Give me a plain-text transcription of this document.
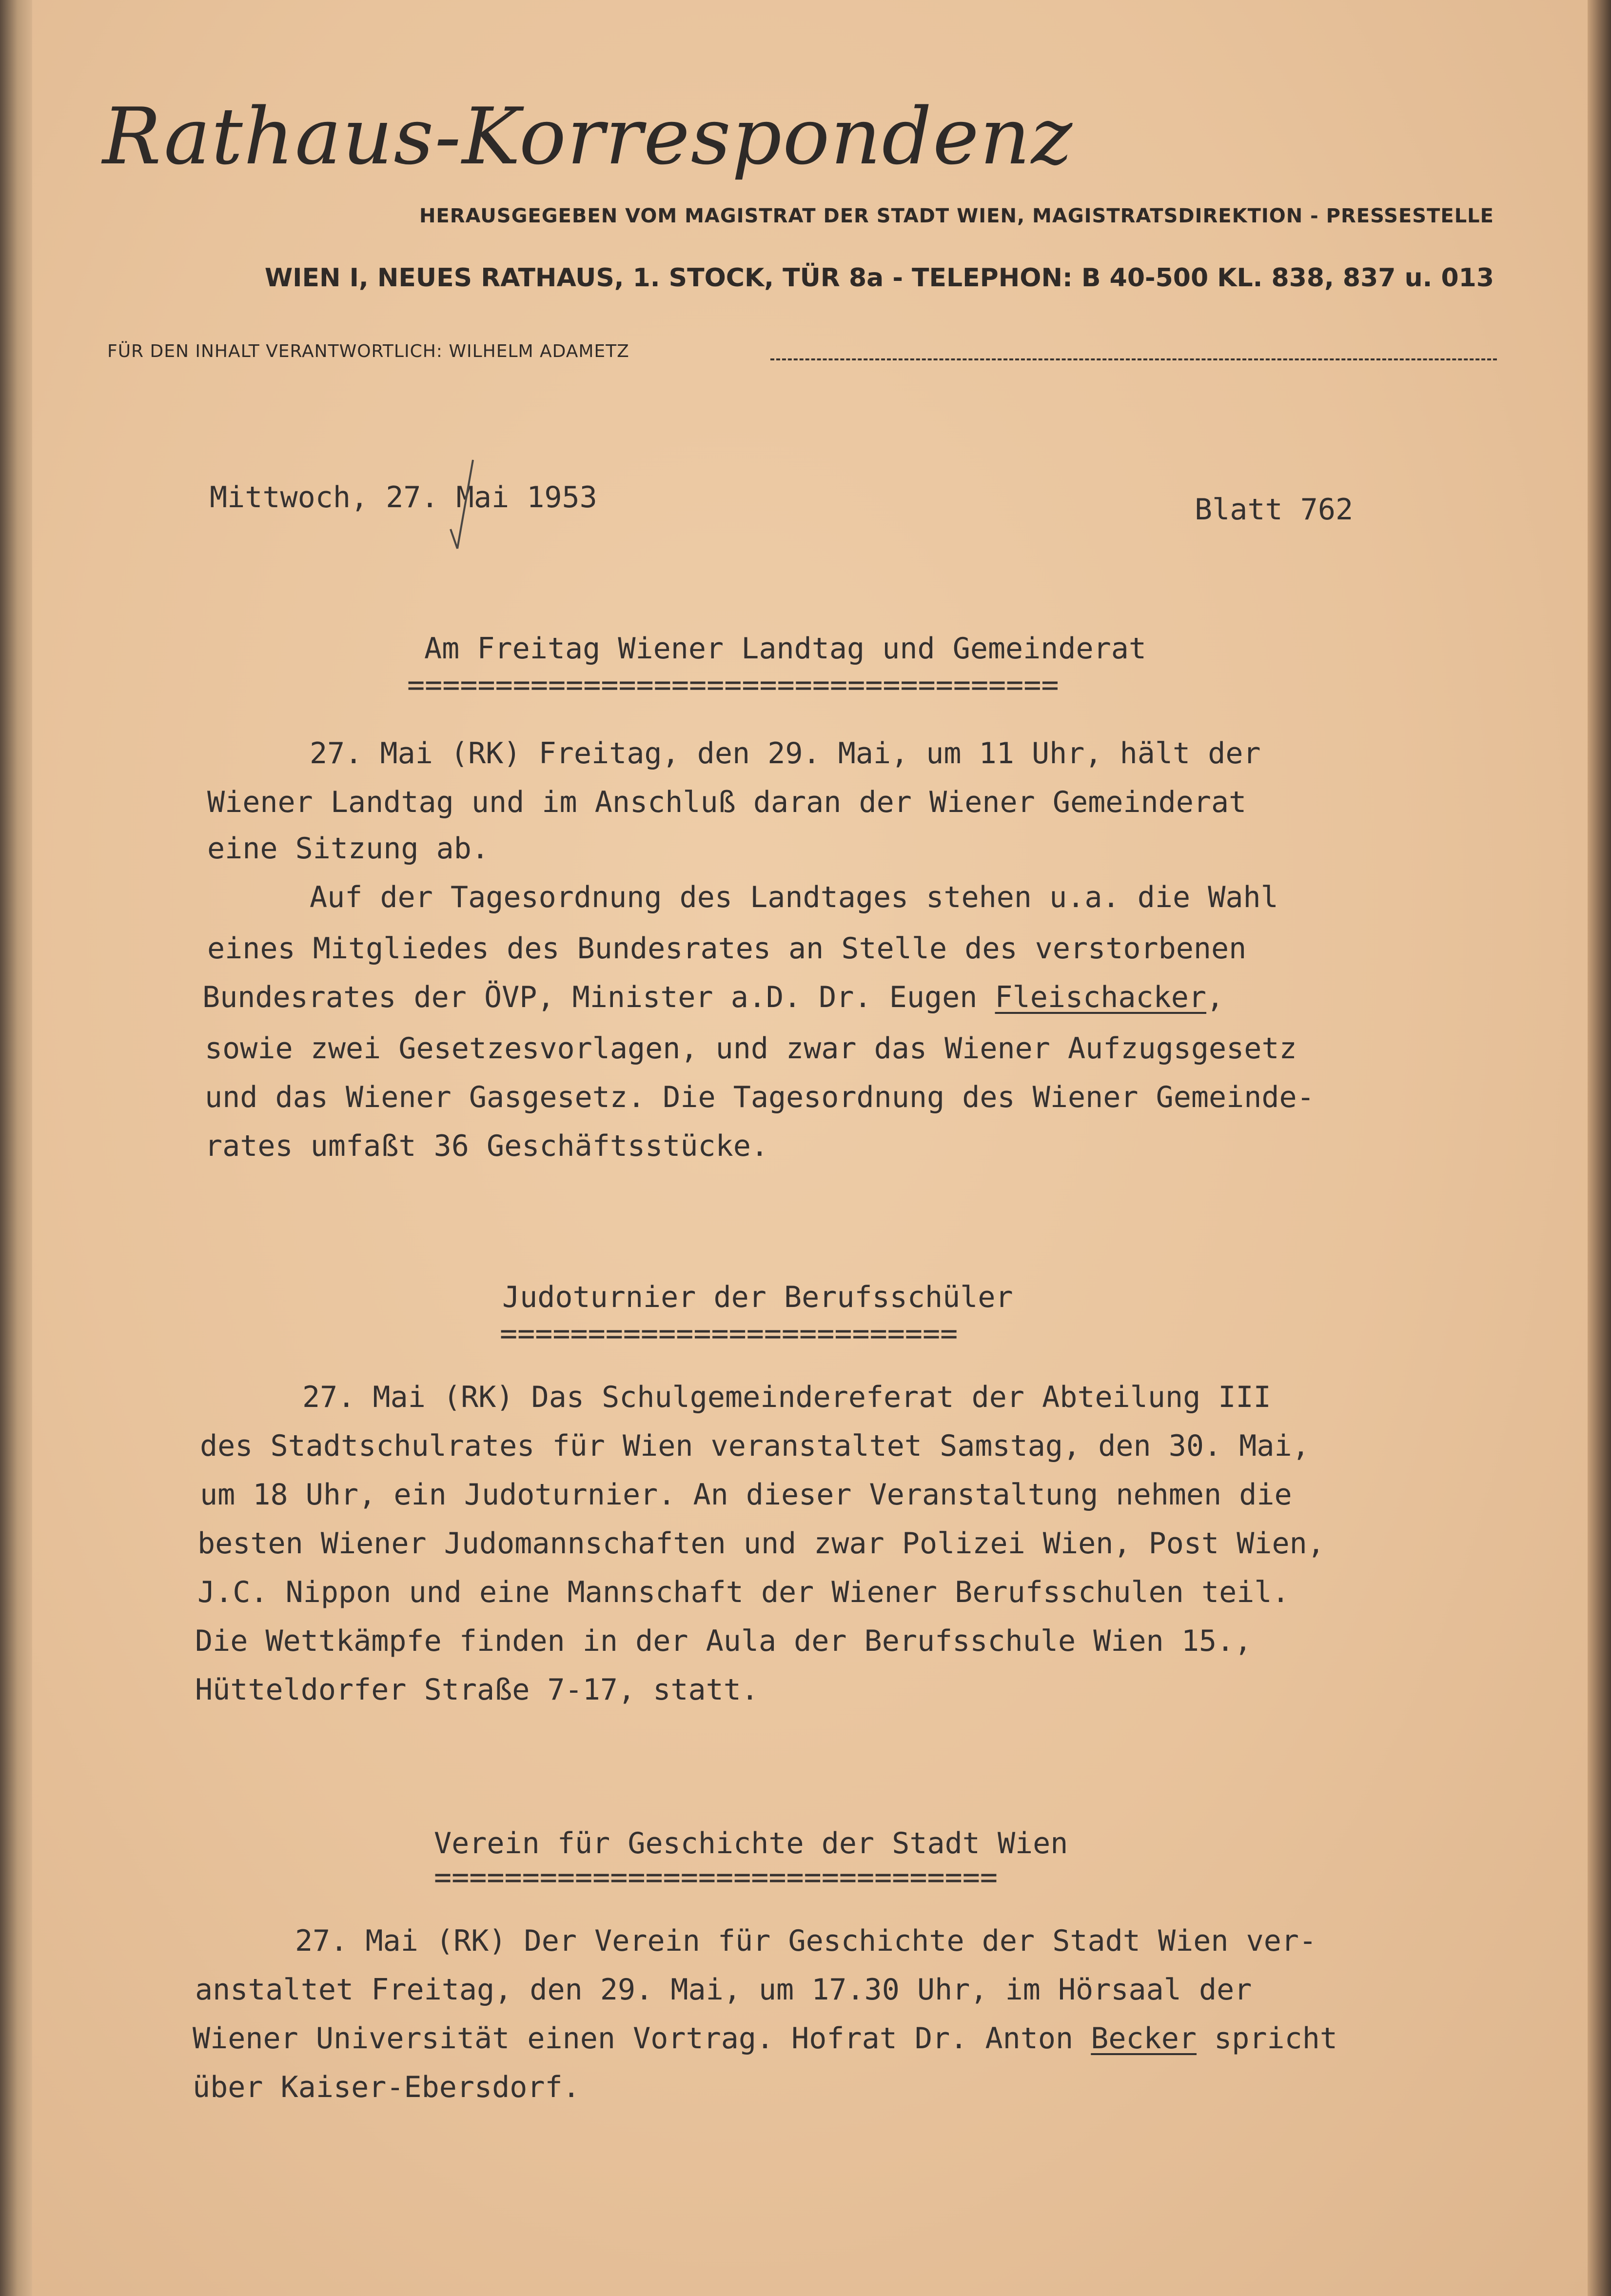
Rathaus-Korrespondenz
HERAUSGEGEBEN VOM MAGISTRAT DER STADT WIEN, MAGISTRATSDIREKTION - PRESSESTELLE
WIEN I, NEUES RATHAUS, 1. STOCK, TÜR 8a - TELEPHON: B 40-500 KL. 838, 837 u. 013
FÜR DEN INHALT VERANTWORTLICH: WILHELM ADAMETZ
Mittwoch, 27. Mai 1953	Blatt 762
Am Freitag Wiener Landtag und Gemeinderat
=====================================
27. Mai (RK) Freitag, den 29. Mai, um 11 Uhr, hält der
Wiener Landtag und im Anschluß daran der Wiener Gemeinderat
eine Sitzung ab.
Auf der Tagesordnung des Landtages stehen u.a. die Wahl
eines Mitgliedes des Bundesrates an Stelle des verstorbenen
Bundesrates der ÖVP, Minister a.D. Dr. Eugen Fleischacker,
sowie zwei Gesetzesvorlagen, und zwar das Wiener Aufzugsgesetz
und das Wiener Gasgesetz. Die Tagesordnung des Wiener Gemeinde-
rates umfaßt 36 Geschäftsstücke.
Judoturnier der Berufsschüler
==========================
27. Mai (RK) Das Schulgemeindereferat der Abteilung III
des Stadtschulrates für Wien veranstaltet Samstag, den 30. Mai,
um 18 Uhr, ein Judoturnier. An dieser Veranstaltung nehmen die
besten Wiener Judomannschaften und zwar Polizei Wien, Post Wien,
J.C. Nippon und eine Mannschaft der Wiener Berufsschulen teil.
Die Wettkämpfe finden in der Aula der Berufsschule Wien 15.,
Hütteldorfer Straße 7-17, statt.
Verein für Geschichte der Stadt Wien
================================
27. Mai (RK) Der Verein für Geschichte der Stadt Wien ver-
anstaltet Freitag, den 29. Mai, um 17.30 Uhr, im Hörsaal der
Wiener Universität einen Vortrag. Hofrat Dr. Anton Becker spricht
über Kaiser-Ebersdorf.
